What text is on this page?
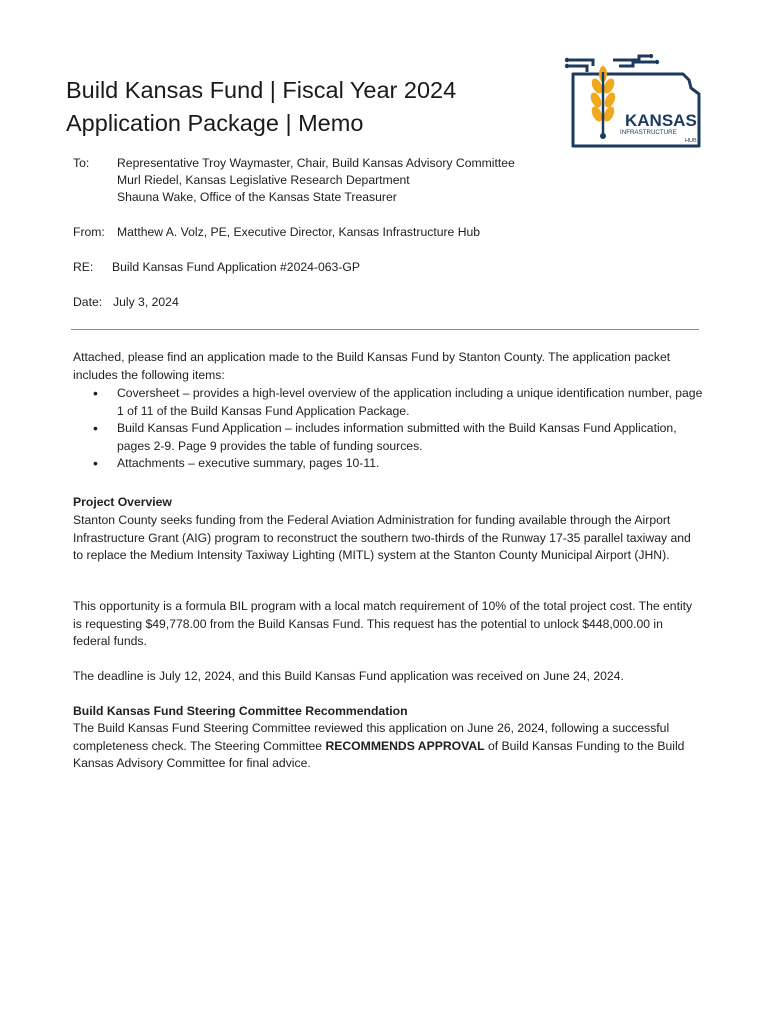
Build Kansas Fund | Fiscal Year 2024
Application Package | Memo	KANSAS
INFRASTRUCTURE
HUB
To: Representative Troy Waymaster, Chair, Build Kansas Advisory Committee
Murl Riedel, Kansas Legislative Research Department
Shauna Wake, Office of the Kansas State Treasurer
From: Matthew A. Volz, PE, Executive Director, Kansas Infrastructure Hub
RE: Build Kansas Fund Application #2024-063-GP
Date: July 3, 2024
Attached, please find an application made to the Build Kansas Fund by Stanton County. The application packet includes the following items:
• Coversheet – provides a high-level overview of the application including a unique identification number, page 1 of 11 of the Build Kansas Fund Application Package.
• Build Kansas Fund Application – includes information submitted with the Build Kansas Fund Application, pages 2-9. Page 9 provides the table of funding sources.
• Attachments – executive summary, pages 10-11.
Project Overview
Stanton County seeks funding from the Federal Aviation Administration for funding available through the Airport Infrastructure Grant (AIG) program to reconstruct the southern two-thirds of the Runway 17-35 parallel taxiway and to replace the Medium Intensity Taxiway Lighting (MITL) system at the Stanton County Municipal Airport (JHN).
This opportunity is a formula BIL program with a local match requirement of 10% of the total project cost. The entity is requesting $49,778.00 from the Build Kansas Fund. This request has the potential to unlock $448,000.00 in federal funds.
The deadline is July 12, 2024, and this Build Kansas Fund application was received on June 24, 2024.
Build Kansas Fund Steering Committee Recommendation
The Build Kansas Fund Steering Committee reviewed this application on June 26, 2024, following a successful completeness check. The Steering Committee RECOMMENDS APPROVAL of Build Kansas Funding to the Build Kansas Advisory Committee for final advice.
